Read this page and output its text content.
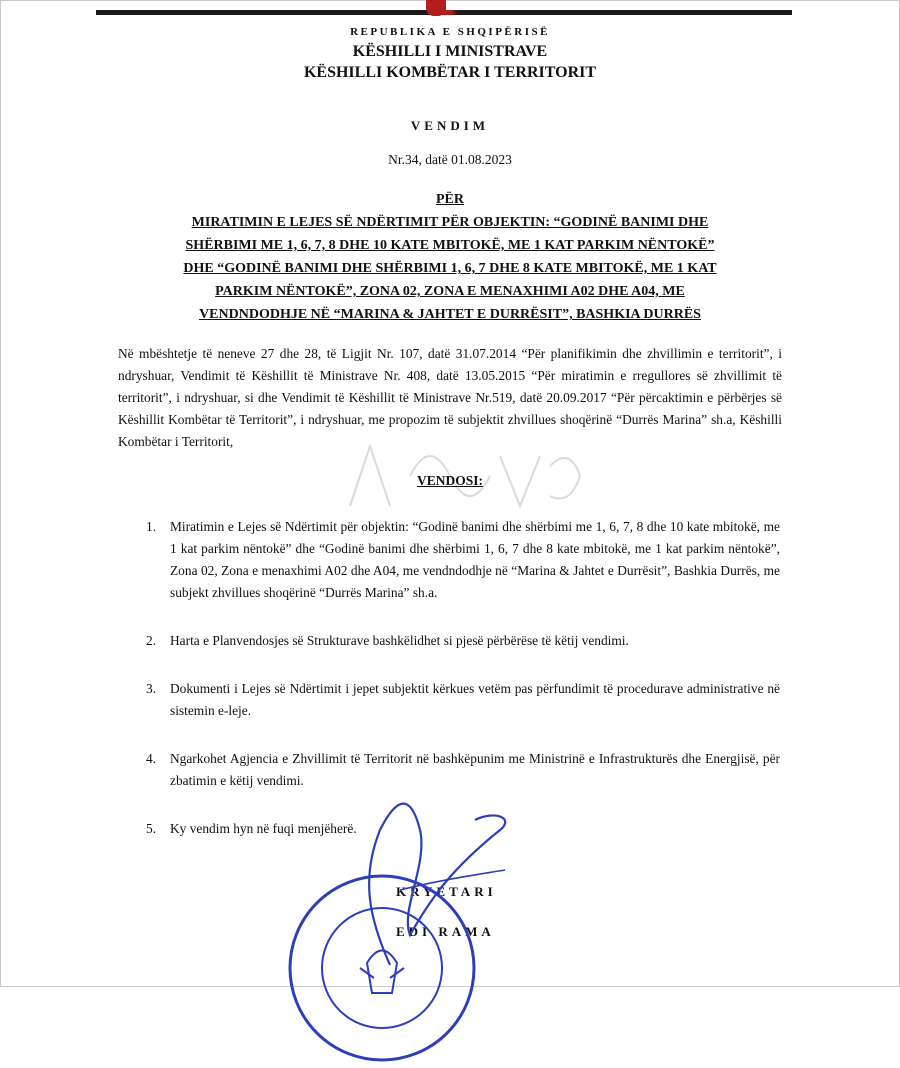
REPUBLIKA E SHQIPËRISË
KËSHILLI I MINISTRAVE
KËSHILLI KOMBËTAR I TERRITORIT
VENDIM
Nr.34, datë 01.08.2023
PËR
MIRATIMIN E LEJES SË NDËRTIMIT PËR OBJEKTIN: “GODINË BANIMI DHE
SHËRBIMI ME 1, 6, 7, 8 DHE 10 KATE MBITOKË, ME 1 KAT PARKIM NËNTOKË”
DHE “GODINË BANIMI DHE SHËRBIMI 1, 6, 7 DHE 8 KATE MBITOKË, ME 1 KAT
PARKIM NËNTOKË”, ZONA 02, ZONA E MENAXHIMI A02 DHE A04, ME
VENDNDODHJE NË “MARINA & JAHTET E DURRËSIT”, BASHKIA DURRËS
Në mbështetje të neneve 27 dhe 28, të Ligjit Nr. 107, datë 31.07.2014 “Për planifikimin dhe zhvillimin e territorit”, i ndryshuar, Vendimit të Këshillit të Ministrave Nr. 408, datë 13.05.2015 “Për miratimin e rregullores së zhvillimit të territorit”, i ndryshuar, si dhe Vendimit të Këshillit të Ministrave Nr.519, datë 20.09.2017 “Për përcaktimin e përbërjes së Këshillit Kombëtar të Territorit”, i ndryshuar, me propozim të subjektit zhvillues shoqërinë “Durrës Marina” sh.a, Këshilli Kombëtar i Territorit,
VENDOSI:
1. Miratimin e Lejes së Ndërtimit për objektin: “Godinë banimi dhe shërbimi me 1, 6, 7, 8 dhe 10 kate mbitokë, me 1 kat parkim nëntokë” dhe “Godinë banimi dhe shërbimi 1, 6, 7 dhe 8 kate mbitokë, me 1 kat parkim nëntokë”, Zona 02, Zona e menaxhimi A02 dhe A04, me vendndodhje në “Marina & Jahtet e Durrësit”, Bashkia Durrës, me subjekt zhvillues shoqërinë “Durrës Marina” sh.a.
2. Harta e Planvendosjes së Strukturave bashkëlidhet si pjesë përbërëse të këtij vendimi.
3. Dokumenti i Lejes së Ndërtimit i jepet subjektit kërkues vetëm pas përfundimit të procedurave administrative në sistemin e-leje.
4. Ngarkohet Agjencia e Zhvillimit të Territorit në bashkëpunim me Ministrinë e Infrastrukturës dhe Energjisë, për zbatimin e këtij vendimi.
5. Ky vendim hyn në fuqi menjëherë.
KRYETARI
EDI RAMA
